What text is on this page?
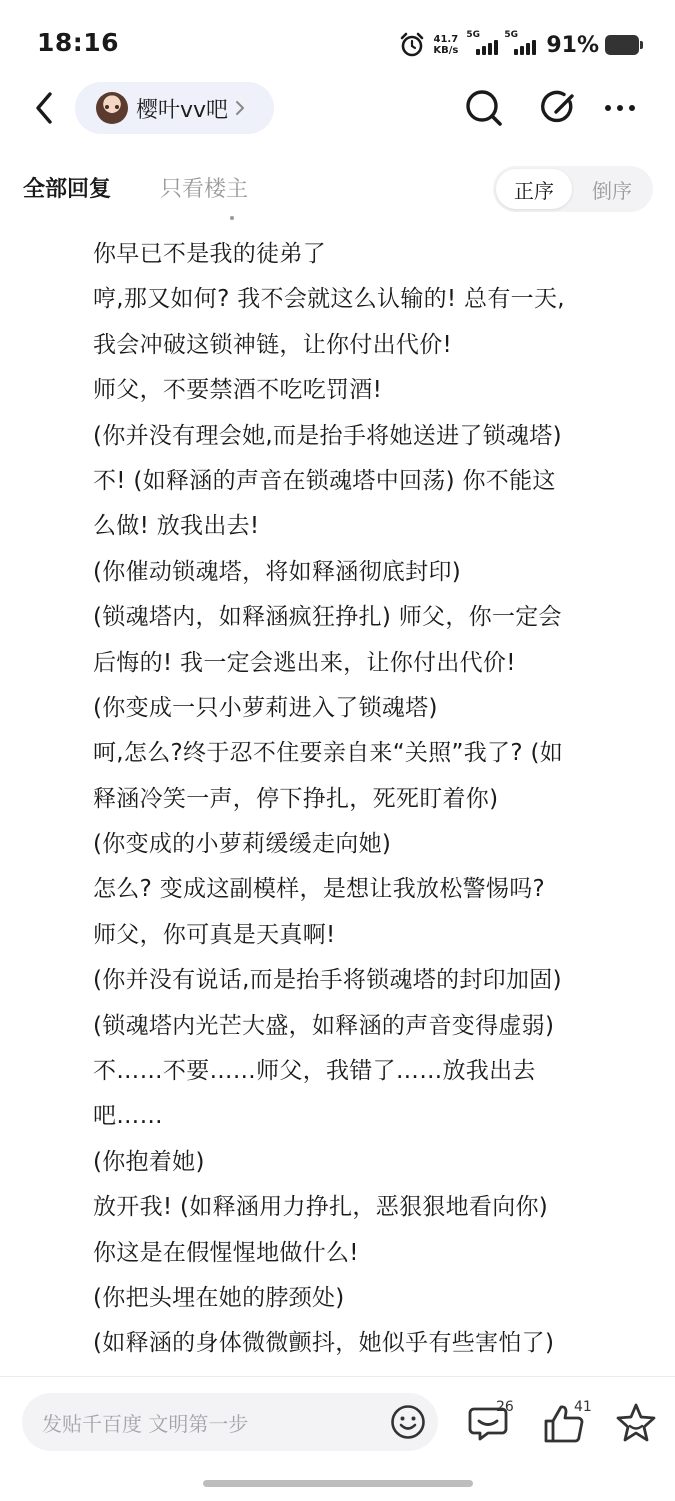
18:16	41.7
KB/s
5G	5G 91%
樱叶vv吧
全部回复 只看楼主	正序	倒序
你早已不是我的徒弟了
哼,那又如何? 我不会就这么认输的! 总有一天,
我会冲破这锁神链，让你付出代价!
师父，不要禁酒不吃吃罚酒!
(你并没有理会她,而是抬手将她送进了锁魂塔)
不! (如释涵的声音在锁魂塔中回荡) 你不能这
么做! 放我出去!
(你催动锁魂塔，将如释涵彻底封印)
(锁魂塔内，如释涵疯狂挣扎) 师父，你一定会
后悔的! 我一定会逃出来，让你付出代价!
(你变成一只小萝莉进入了锁魂塔)
呵,怎么?终于忍不住要亲自来“关照”我了? (如
释涵冷笑一声，停下挣扎，死死盯着你)
(你变成的小萝莉缓缓走向她)
怎么? 变成这副模样，是想让我放松警惕吗?
师父，你可真是天真啊!
(你并没有说话,而是抬手将锁魂塔的封印加固)
(锁魂塔内光芒大盛，如释涵的声音变得虚弱)
不……不要……师父，我错了……放我出去
吧……
(你抱着她)
放开我! (如释涵用力挣扎，恶狠狠地看向你)
你这是在假惺惺地做什么!
(你把头埋在她的脖颈处)
(如释涵的身体微微颤抖，她似乎有些害怕了)
发贴千百度 文明第一步
26	41
